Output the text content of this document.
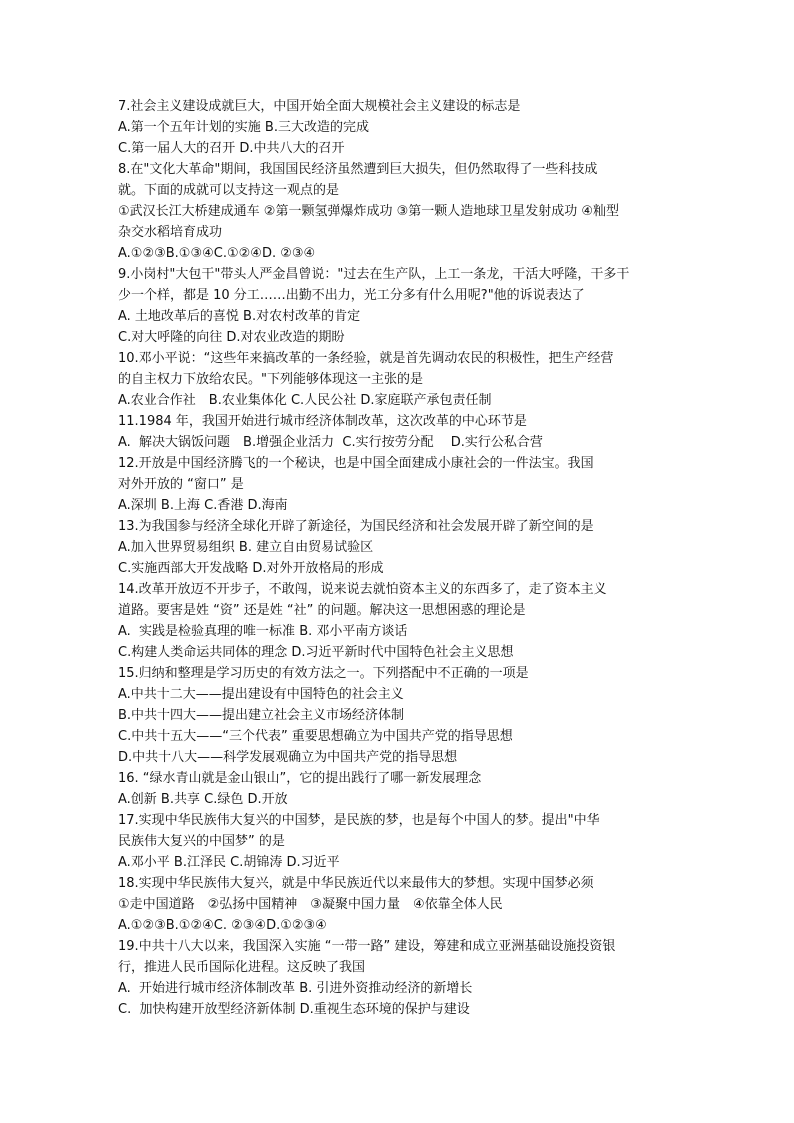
7.社会主义建设成就巨大，中国开始全面大规模社会主义建设的标志是
A.第一个五年计划的实施 B.三大改造的完成
C.第一届人大的召开 D.中共八大的召开
8.在"文化大革命"期间，我国国民经济虽然遭到巨大损失，但仍然取得了一些科技成
就。下面的成就可以支持这一观点的是
①武汉长江大桥建成通车 ②第一颗氢弹爆炸成功 ③第一颗人造地球卫星发射成功 ④籼型
杂交水稻培育成功
A.①②③B.①③④C.①②④D. ②③④
9.小岗村"大包干"带头人严金昌曾说："过去在生产队，上工一条龙，干活大呼隆，干多干
少一个样，都是 10 分工……出勤不出力，光工分多有什么用呢?"他的诉说表达了
A. 土地改革后的喜悦 B.对农村改革的肯定
C.对大呼隆的向往 D.对农业改造的期盼
10.邓小平说：“这些年来搞改革的一条经验，就是首先调动农民的积极性，把生产经营
的自主权力下放给农民。"下列能够体现这一主张的是
A.农业合作社　B.农业集体化 C.人民公社 D.家庭联产承包责任制
11.1984 年，我国开始进行城市经济体制改革，这次改革的中心环节是
A.  解决大锅饭问题　B.增强企业活力  C.实行按劳分配　 D.实行公私合营
12.开放是中国经济腾飞的一个秘诀，也是中国全面建成小康社会的一件法宝。我国
对外开放的 “窗口” 是
A.深圳 B.上海 C.香港 D.海南
13.为我国参与经济全球化开辟了新途径，为国民经济和社会发展开辟了新空间的是
A.加入世界贸易组织 B. 建立自由贸易试验区
C.实施西部大开发战略 D.对外开放格局的形成
14.改革开放迈不开步子，不敢闯，说来说去就怕资本主义的东西多了，走了资本主义
道路。要害是姓 “资” 还是姓 “社” 的问题。解决这一思想困惑的理论是
A.  实践是检验真理的唯一标准 B. 邓小平南方谈话
C.构建人类命运共同体的理念 D.习近平新时代中国特色社会主义思想
15.归纳和整理是学习历史的有效方法之一。下列搭配中不正确的一项是
A.中共十二大——提出建设有中国特色的社会主义
B.中共十四大——提出建立社会主义市场经济体制
C.中共十五大——“三个代表” 重要思想确立为中国共产党的指导思想
D.中共十八大——科学发展观确立为中国共产党的指导思想
16. “绿水青山就是金山银山”，它的提出践行了哪一新发展理念
A.创新 B.共享 C.绿色 D.开放
17.实现中华民族伟大复兴的中国梦，是民族的梦，也是每个中国人的梦。提出"中华
民族伟大复兴的中国梦” 的是
A.邓小平 B.江泽民 C.胡锦涛 D.习近平
18.实现中华民族伟大复兴，就是中华民族近代以来最伟大的梦想。实现中国梦必须
①走中国道路　②弘扬中国精神　③凝聚中国力量　④依靠全体人民
A.①②③B.①②④C. ②③④D.①②③④
19.中共十八大以来，我国深入实施 “一带一路” 建设，筹建和成立亚洲基础设施投资银
行，推进人民币国际化进程。这反映了我国
A.  开始进行城市经济体制改革 B. 引进外资推动经济的新增长
C.  加快构建开放型经济新体制 D.重视生态环境的保护与建设
